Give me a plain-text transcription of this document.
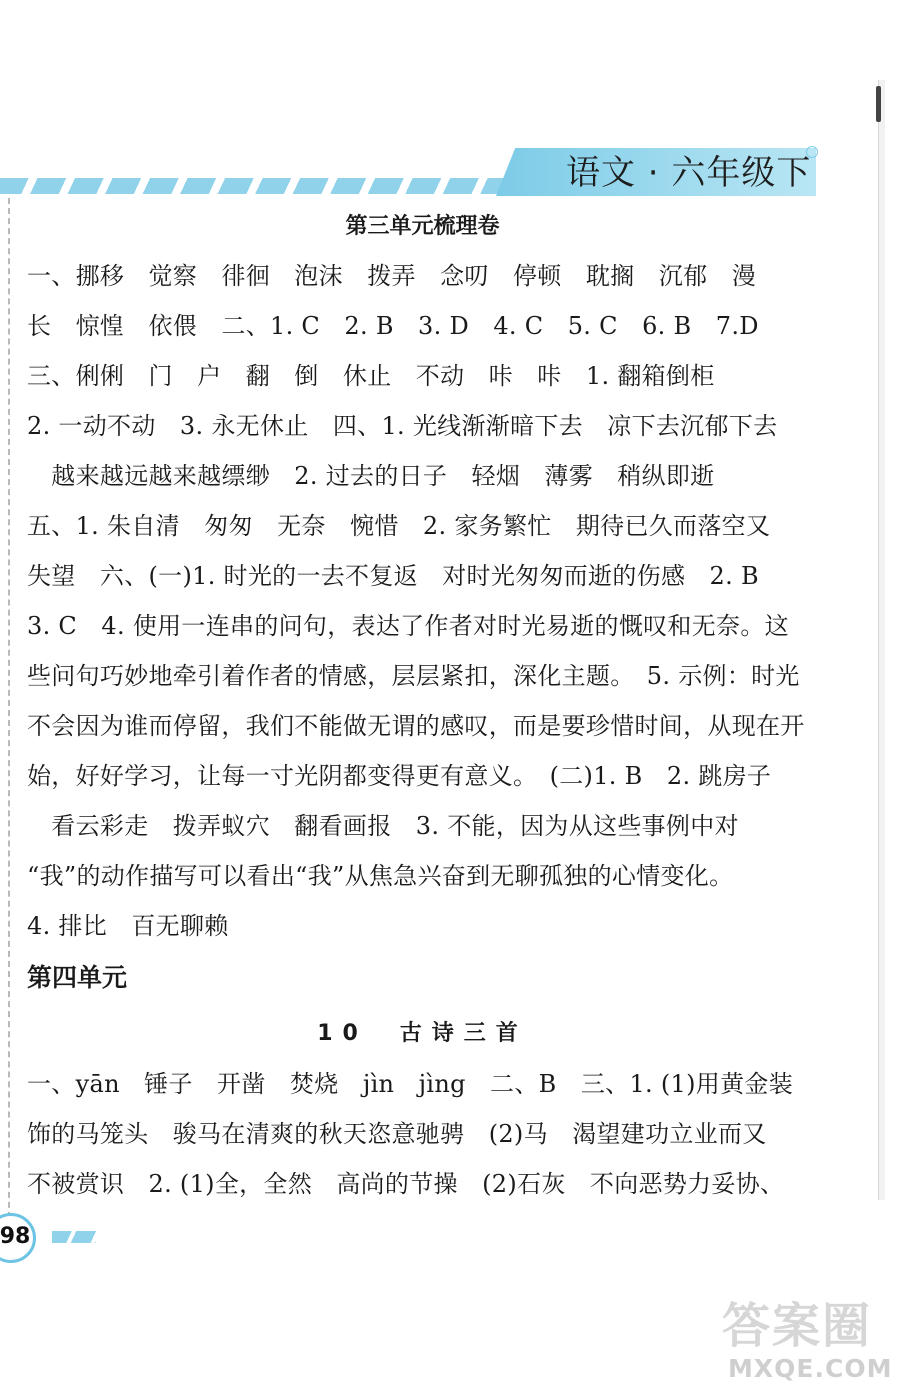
语文 · 六年级下
第三单元梳理卷
一、挪移　觉察　徘徊　泡沫　拨弄　念叨　停顿　耽搁　沉郁　漫
长　惊惶　依偎　二、1. C　2. B　3. D　4. C　5. C　6. B　7.D
三、俐俐　门　户　翻　倒　休止　不动　咔　咔　1. 翻箱倒柜
2. 一动不动　3. 永无休止　四、1. 光线渐渐暗下去　凉下去沉郁下去
　越来越远越来越缥缈　2. 过去的日子　轻烟　薄雾　稍纵即逝
五、1. 朱自清　匆匆　无奈　惋惜　2. 家务繁忙　期待已久而落空又
失望　六、(一)1. 时光的一去不复返　对时光匆匆而逝的伤感　2. B
3. C　4. 使用一连串的问句，表达了作者对时光易逝的慨叹和无奈。这
些问句巧妙地牵引着作者的情感，层层紧扣，深化主题。　5. 示例：时光
不会因为谁而停留，我们不能做无谓的感叹，而是要珍惜时间，从现在开
始，好好学习，让每一寸光阴都变得更有意义。　(二)1. B　2. 跳房子
　看云彩走　拨弄蚁穴　翻看画报　3. 不能，因为从这些事例中对
“我”的动作描写可以看出“我”从焦急兴奋到无聊孤独的心情变化。
4. 排比　百无聊赖
第四单元
10　古诗三首
一、yān　锤子　开凿　焚烧　jìn　jìng　二、B　三、1. (1)用黄金装
饰的马笼头　骏马在清爽的秋天恣意驰骋　(2)马　渴望建功立业而又
不被赏识　2. (1)全，全然　高尚的节操　(2)石灰　不向恶势力妥协、
98
答案圈
MXQE.COM
